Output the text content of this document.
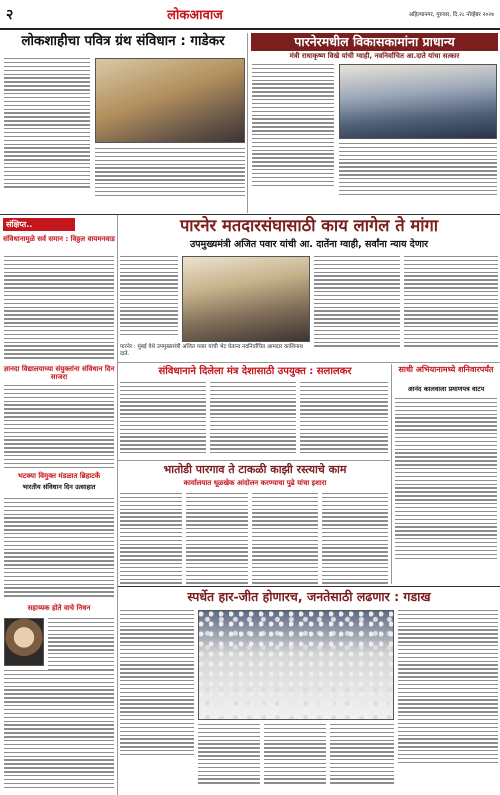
२	लोकआवाज	अहिल्यानगर, गुरुवार, दि.२८ नोव्हेंबर २०२४
लोकशाहीचा पवित्र ग्रंथ संविधान : गाडेकर	पारनेरमधील विकासकामांना प्राधान्य
मंत्री राधाकृष्ण विखे यांची ग्वाही, नवनिर्वाचित आ.दाते यांचा सत्कार
संक्षिप्त..
संविधानामुळे सर्व समान : विठ्ठल वायमनवाड
ज्ञानदा विद्यालयाच्या संयुक्तांना संविधान दिन साजरा
भटक्या विमुक्त मंडळात ब्रिहाटकें
भारतीय संविधान दिन उत्साहात
सहाय्यक होते वाचे निधन
पारनेर मतदारसंघासाठी काय लागेल ते मांगा
उपमुख्यमंत्री अजित पवार यांची आ. दातेंना ग्वाही, सर्वांना न्याय देणार
पारनेर : मुंबई येथे उपमुख्यमंत्री अजित पवार यांची भेट घेताना नवनिर्वाचित आमदार काशिनाथ दाते.
संविधानाने दिलेला मंत्र देशासाठी उपयुक्त : सलालकर	साधी अभियानामध्ये शनिवारपर्यंत
आनंद कालवाला प्रमाणपत्र वाटप
भातोडी पारगाव ते टाकळी काझी रस्त्याचे काम
कार्यालयात धूळखेक आंदोलन करण्याचा पुढे यांचा इशारा
स्पर्धेत हार-जीत होणारच, जनतेसाठी लढणार : गडाख
